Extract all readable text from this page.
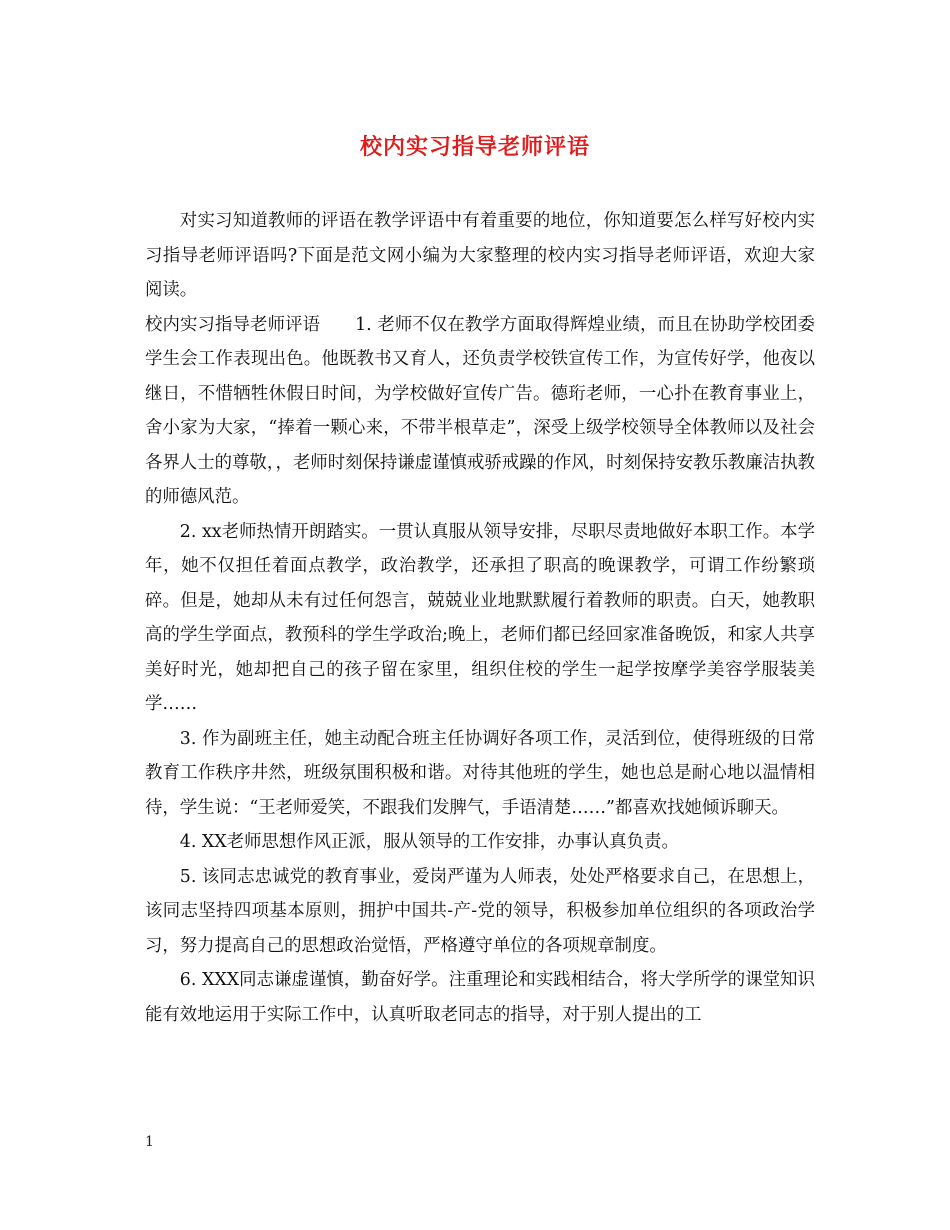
校内实习指导老师评语

对实习知道教师的评语在教学评语中有着重要的地位，你知道要怎么样写好校内实习指导老师评语吗?下面是范文网小编为大家整理的校内实习指导老师评语，欢迎大家阅读。

校内实习指导老师评语　　1. 老师不仅在教学方面取得辉煌业绩，而且在协助学校团委学生会工作表现出色。他既教书又育人，还负责学校铁宣传工作，为宣传好学，他夜以继日，不惜牺牲休假日时间，为学校做好宣传广告。德珩老师，一心扑在教育事业上，舍小家为大家，“捧着一颗心来，不带半根草走”，深受上级学校领导全体教师以及社会各界人士的尊敬，，老师时刻保持谦虚谨慎戒骄戒躁的作风，时刻保持安教乐教廉洁执教的师德风范。

2. xx老师热情开朗踏实。一贯认真服从领导安排，尽职尽责地做好本职工作。本学年，她不仅担任着面点教学，政治教学，还承担了职高的晚课教学，可谓工作纷繁琐碎。但是，她却从未有过任何怨言，兢兢业业地默默履行着教师的职责。白天，她教职高的学生学面点，教预科的学生学政治;晚上，老师们都已经回家准备晚饭，和家人共享美好时光，她却把自己的孩子留在家里，组织住校的学生一起学按摩学美容学服装美学……

3. 作为副班主任，她主动配合班主任协调好各项工作，灵活到位，使得班级的日常教育工作秩序井然，班级氛围积极和谐。对待其他班的学生，她也总是耐心地以温情相待，学生说：“王老师爱笑，不跟我们发脾气，手语清楚……”都喜欢找她倾诉聊天。

4. XX老师思想作风正派，服从领导的工作安排，办事认真负责。

5. 该同志忠诚党的教育事业，爱岗严谨为人师表，处处严格要求自己，在思想上，该同志坚持四项基本原则，拥护中国共-产-党的领导，积极参加单位组织的各项政治学习，努力提高自己的思想政治觉悟，严格遵守单位的各项规章制度。

6. XXX同志谦虚谨慎，勤奋好学。注重理论和实践相结合，将大学所学的课堂知识能有效地运用于实际工作中，认真听取老同志的指导，对于别人提出的工

1
